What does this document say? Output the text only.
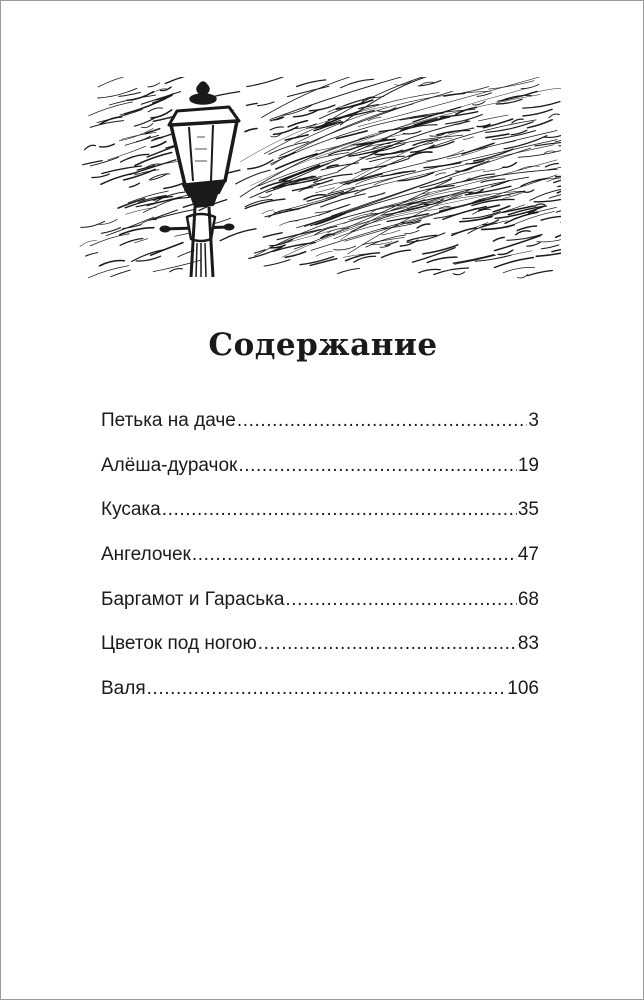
Содержание
Петька на даче .....	3
Алёша-дурачок .....	19
Кусака .....	35
Ангелочек .....	47
Баргамот и Гараська .....	68
Цветок под ногою .....	83
Валя .....	106
